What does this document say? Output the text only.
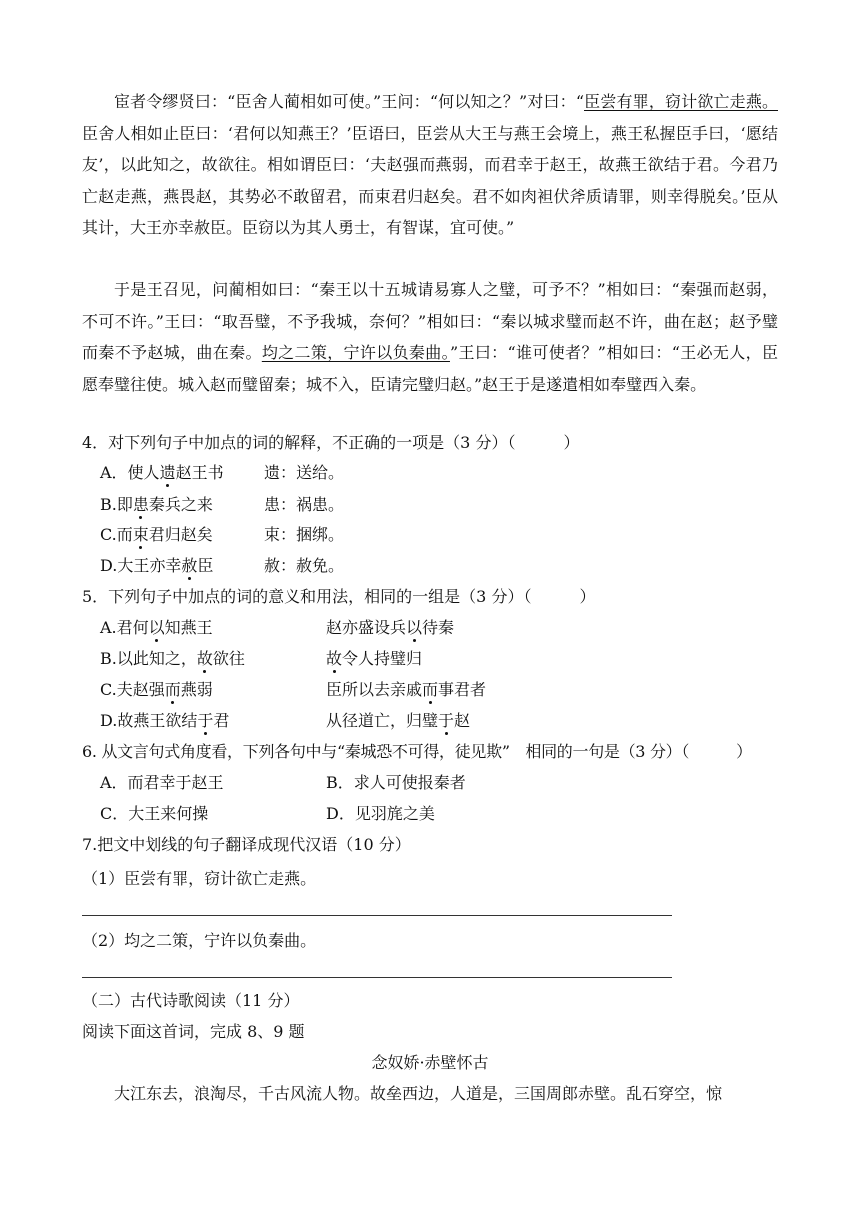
宦者令缪贤曰：“臣舍人蔺相如可使。”王问：“何以知之？”对曰：“臣尝有罪，窃计欲亡走燕。臣舍人相如止臣曰：‘君何以知燕王？’臣语曰，臣尝从大王与燕王会境上，燕王私握臣手曰，‘愿结友’，以此知之，故欲往。相如谓臣曰：‘夫赵强而燕弱，而君幸于赵王，故燕王欲结于君。今君乃亡赵走燕，燕畏赵，其势必不敢留君，而束君归赵矣。君不如肉袒伏斧质请罪，则幸得脱矣。’臣从其计，大王亦幸赦臣。臣窃以为其人勇士，有智谋，宜可使。”

于是王召见，问蔺相如曰：“秦王以十五城请易寡人之璧，可予不？”相如曰：“秦强而赵弱，不可不许。”王曰：“取吾璧，不予我城，奈何？”相如曰：“秦以城求璧而赵不许，曲在赵；赵予璧而秦不予赵城，曲在秦。均之二策，宁许以负秦曲。”王曰：“谁可使者？”相如曰：“王必无人，臣愿奉璧往使。城入赵而璧留秦；城不入，臣请完璧归赵。”赵王于是遂遣相如奉璧西入秦。

4．对下列句子中加点的词的解释，不正确的一项是（3 分）（　　　）

A．使人遗赵王书	遗：送给。
B.即患秦兵之来	患：祸患。
C.而束君归赵矣	束：捆绑。
D.大王亦幸赦臣	赦：赦免。

5．下列句子中加点的词的意义和用法，相同的一组是（3 分）（　　　）

A.君何以知燕王	赵亦盛设兵以待秦
B.以此知之，故欲往	故令人持璧归
C.夫赵强而燕弱	臣所以去亲戚而事君者
D.故燕王欲结于君	从径道亡，归璧于赵

6. 从文言句式角度看，下列各句中与“秦城恐不可得，徒见欺”　相同的一句是（3 分）（　　　）

A．而君幸于赵王	B．求人可使报秦者
C．大王来何操	D．见羽旄之美

7.把文中划线的句子翻译成现代汉语（10 分）

（1）臣尝有罪，窃计欲亡走燕。

（2）均之二策，宁许以负秦曲。

（二）古代诗歌阅读（11 分）

阅读下面这首词，完成 8、9 题

念奴娇·赤壁怀古

大江东去，浪淘尽，千古风流人物。故垒西边，人道是，三国周郎赤壁。乱石穿空，惊
